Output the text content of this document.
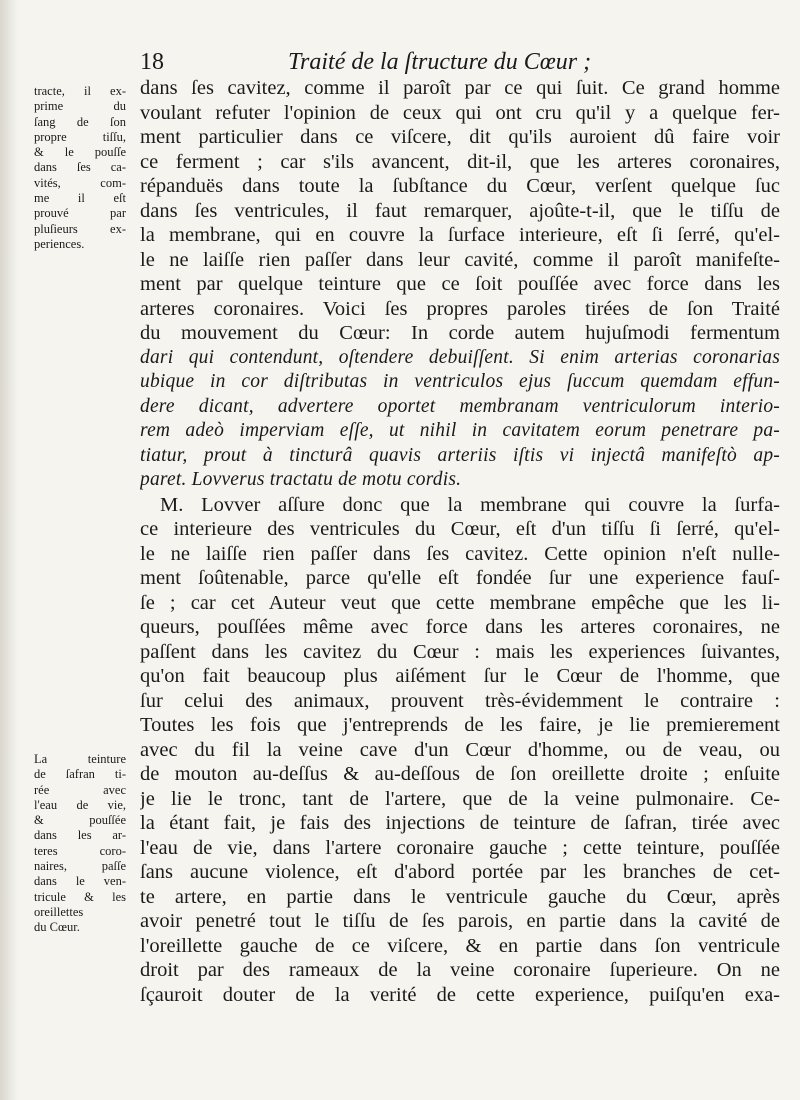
18	Traité de la ſtructure du Cœur ;
tracte, il ex-
prime du
ſang de ſon
propre tiſſu,
& le pouſſe
dans ſes ca-
vités, com-
me il eſt
prouvé par
pluſieurs ex-
periences.
La teinture
de ſafran ti-
rée avec
l'eau de vie,
& pouſſée
dans les ar-
teres coro-
naires, paſſe
dans le ven-
tricule & les
oreillettes
du Cœur.
dans ſes cavitez, comme il paroît par ce qui ſuit. Ce grand homme
voulant refuter l'opinion de ceux qui ont cru qu'il y a quelque fer-
ment particulier dans ce viſcere, dit qu'ils auroient dû faire voir
ce ferment ; car s'ils avancent, dit-il, que les arteres coronaires,
répanduës dans toute la ſubſtance du Cœur, verſent quelque ſuc
dans ſes ventricules, il faut remarquer, ajoûte-t-il, que le tiſſu de
la membrane, qui en couvre la ſurface interieure, eſt ſi ſerré, qu'el-
le ne laiſſe rien paſſer dans leur cavité, comme il paroît manifeſte-
ment par quelque teinture que ce ſoit pouſſée avec force dans les
arteres coronaires. Voici ſes propres paroles tirées de ſon Traité
du mouvement du Cœur: In corde autem hujuſmodi fermentum
dari qui contendunt, oſtendere debuiſſent. Si enim arterias coronarias
ubique in cor diſtributas in ventriculos ejus ſuccum quemdam effun-
dere dicant, advertere oportet membranam ventriculorum interio-
rem adeò imperviam eſſe, ut nihil in cavitatem eorum penetrare pa-
tiatur, prout à tincturâ quavis arteriis iſtis vi injectâ manifeſtò ap-
paret. Lovverus tractatu de motu cordis.
M. Lovver aſſure donc que la membrane qui couvre la ſurfa-
ce interieure des ventricules du Cœur, eſt d'un tiſſu ſi ſerré, qu'el-
le ne laiſſe rien paſſer dans ſes cavitez. Cette opinion n'eſt nulle-
ment ſoûtenable, parce qu'elle eſt fondée ſur une experience fauſ-
ſe ; car cet Auteur veut que cette membrane empêche que les li-
queurs, pouſſées même avec force dans les arteres coronaires, ne
paſſent dans les cavitez du Cœur : mais les experiences ſuivantes,
qu'on fait beaucoup plus aiſément ſur le Cœur de l'homme, que
ſur celui des animaux, prouvent très-évidemment le contraire :
Toutes les fois que j'entreprends de les faire, je lie premierement
avec du fil la veine cave d'un Cœur d'homme, ou de veau, ou
de mouton au-deſſus & au-deſſous de ſon oreillette droite ; enſuite
je lie le tronc, tant de l'artere, que de la veine pulmonaire. Ce-
la étant fait, je fais des injections de teinture de ſafran, tirée avec
l'eau de vie, dans l'artere coronaire gauche ; cette teinture, pouſſée
ſans aucune violence, eſt d'abord portée par les branches de cet-
te artere, en partie dans le ventricule gauche du Cœur, après
avoir penetré tout le tiſſu de ſes parois, en partie dans la cavité de
l'oreillette gauche de ce viſcere, & en partie dans ſon ventricule
droit par des rameaux de la veine coronaire ſuperieure. On ne
ſçauroit douter de la verité de cette experience, puiſqu'en exa-
